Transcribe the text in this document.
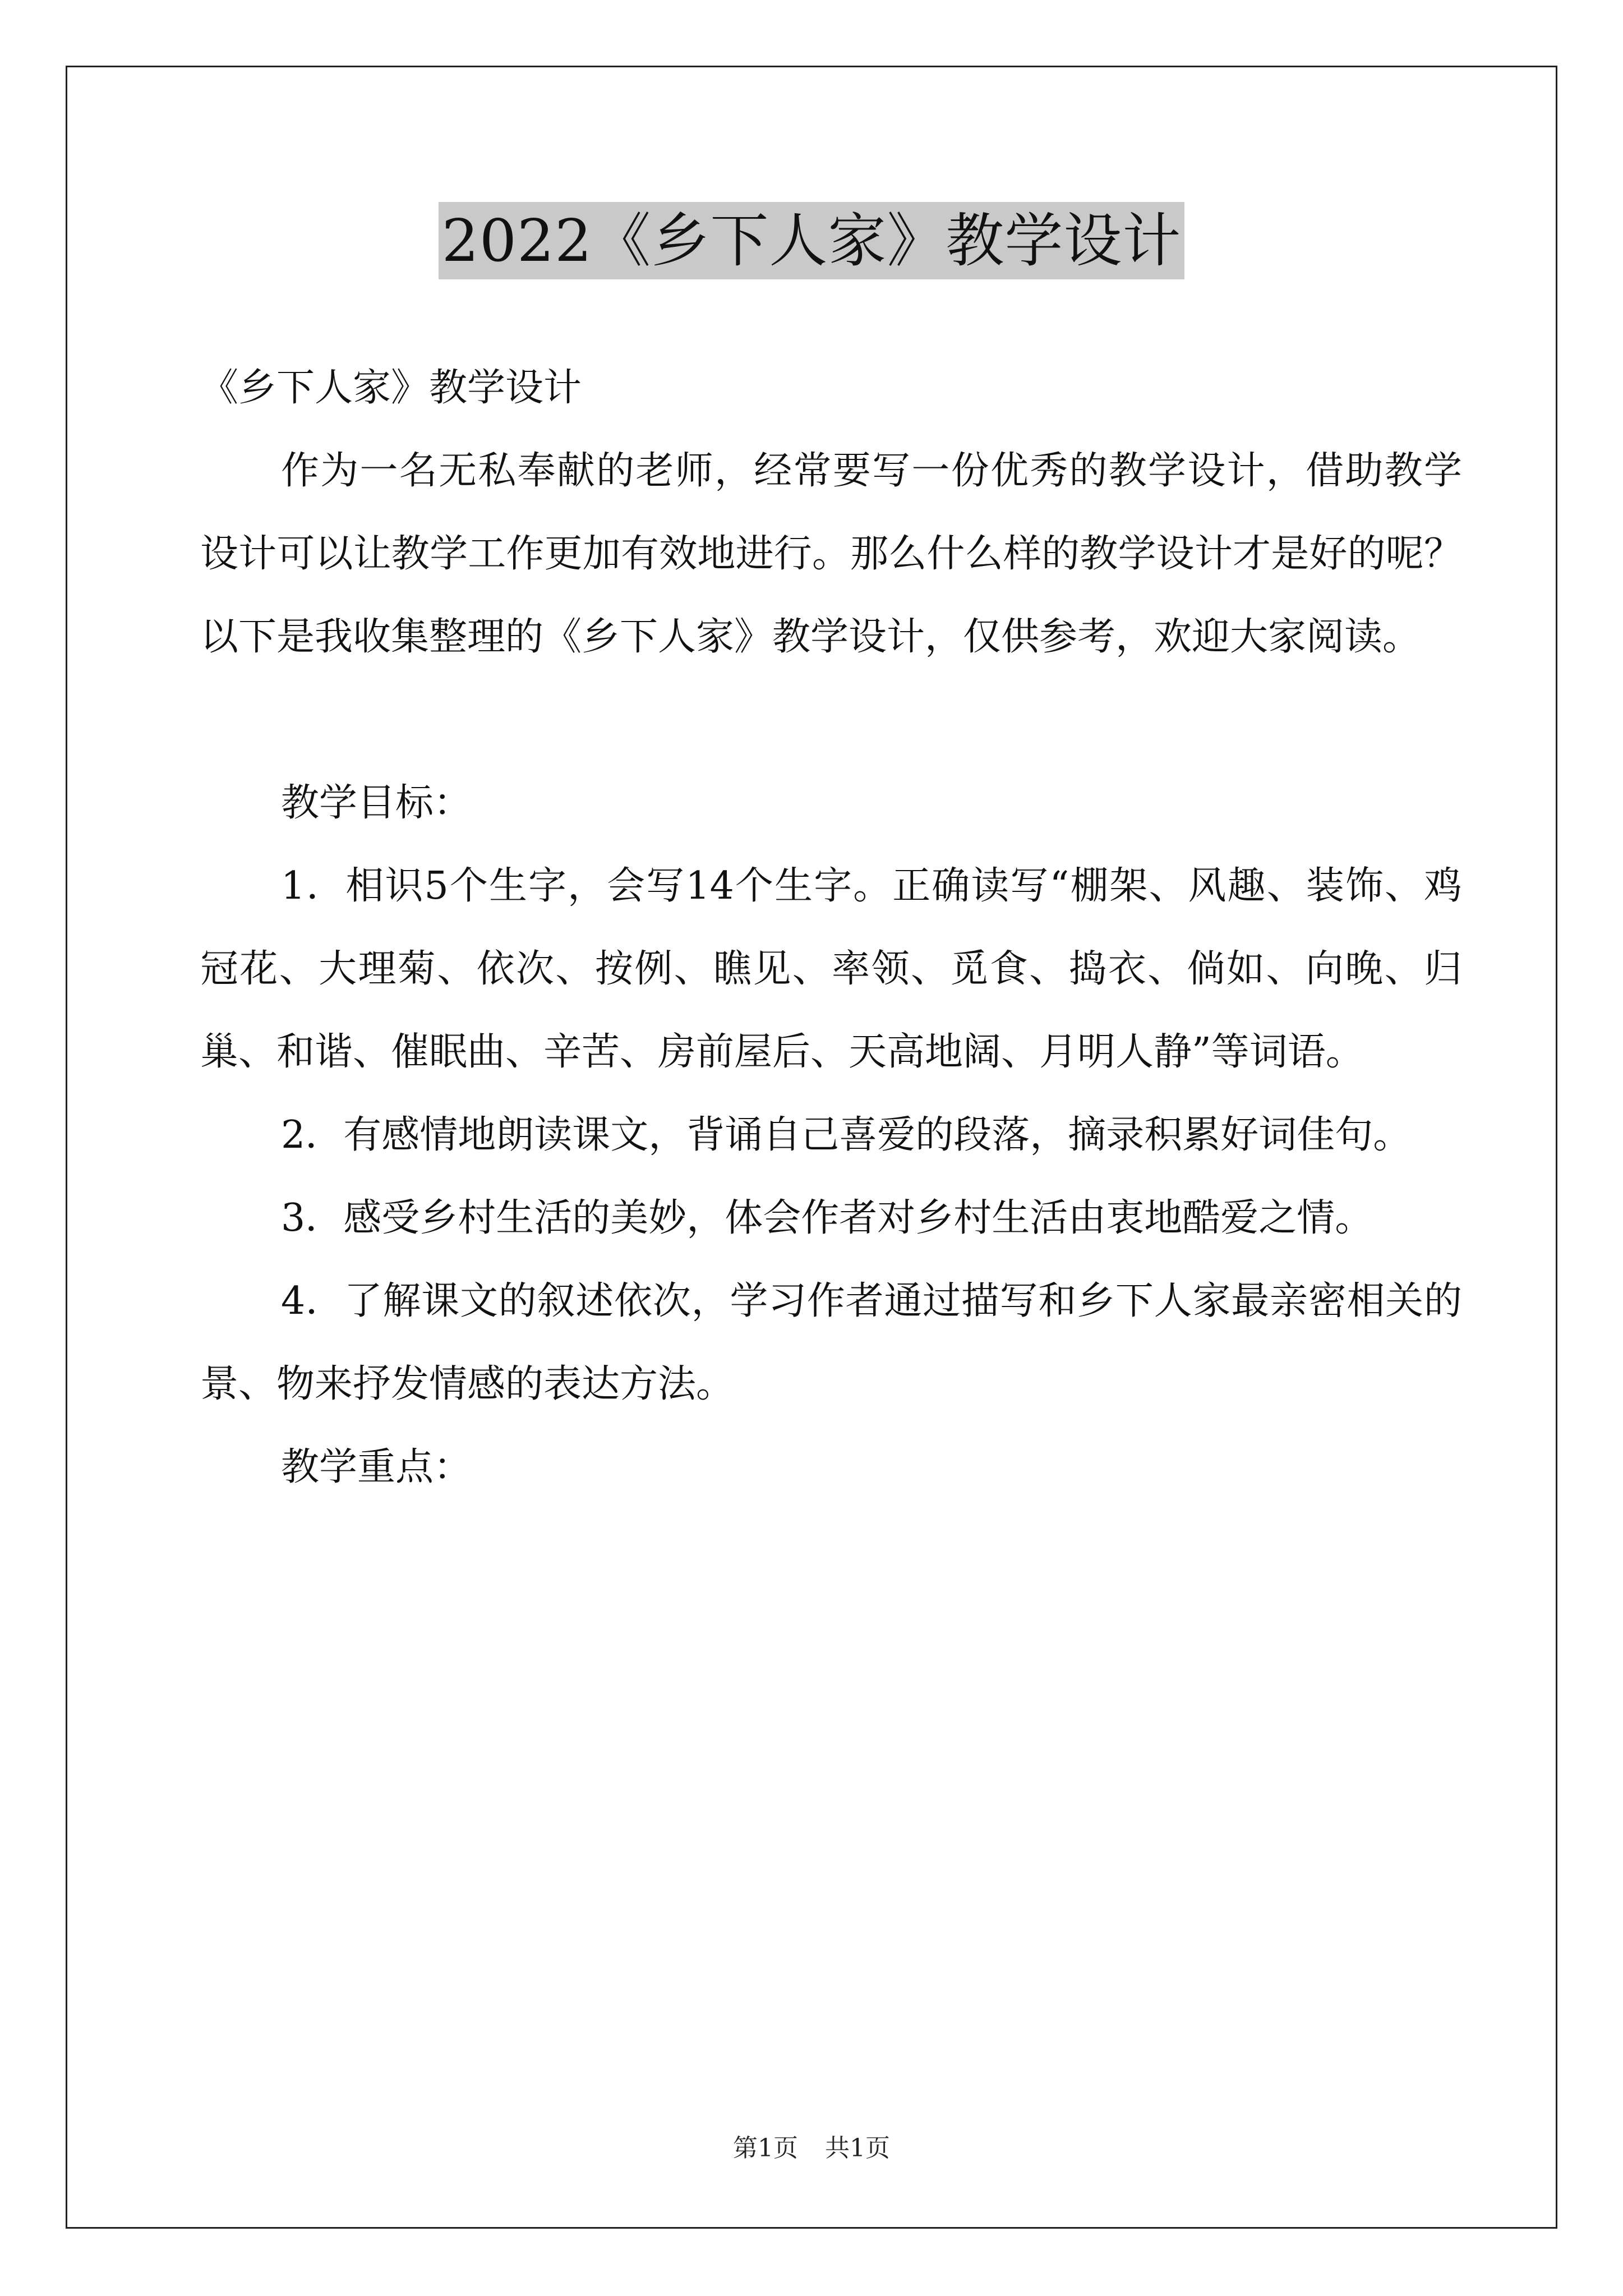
2022《乡下人家》教学设计

《乡下人家》教学设计

作为一名无私奉献的老师，经常要写一份优秀的教学设计，借助教学设计可以让教学工作更加有效地进行。那么什么样的教学设计才是好的呢？以下是我收集整理的《乡下人家》教学设计，仅供参考，欢迎大家阅读。

教学目标：

1．相识5个生字，会写14个生字。正确读写“棚架、风趣、装饰、鸡冠花、大理菊、依次、按例、瞧见、率领、觅食、捣衣、倘如、向晚、归巢、和谐、催眠曲、辛苦、房前屋后、天高地阔、月明人静”等词语。

2．有感情地朗读课文，背诵自己喜爱的段落，摘录积累好词佳句。

3．感受乡村生活的美妙，体会作者对乡村生活由衷地酷爱之情。

4．了解课文的叙述依次，学习作者通过描写和乡下人家最亲密相关的景、物来抒发情感的表达方法。

教学重点：

第1页 共1页
